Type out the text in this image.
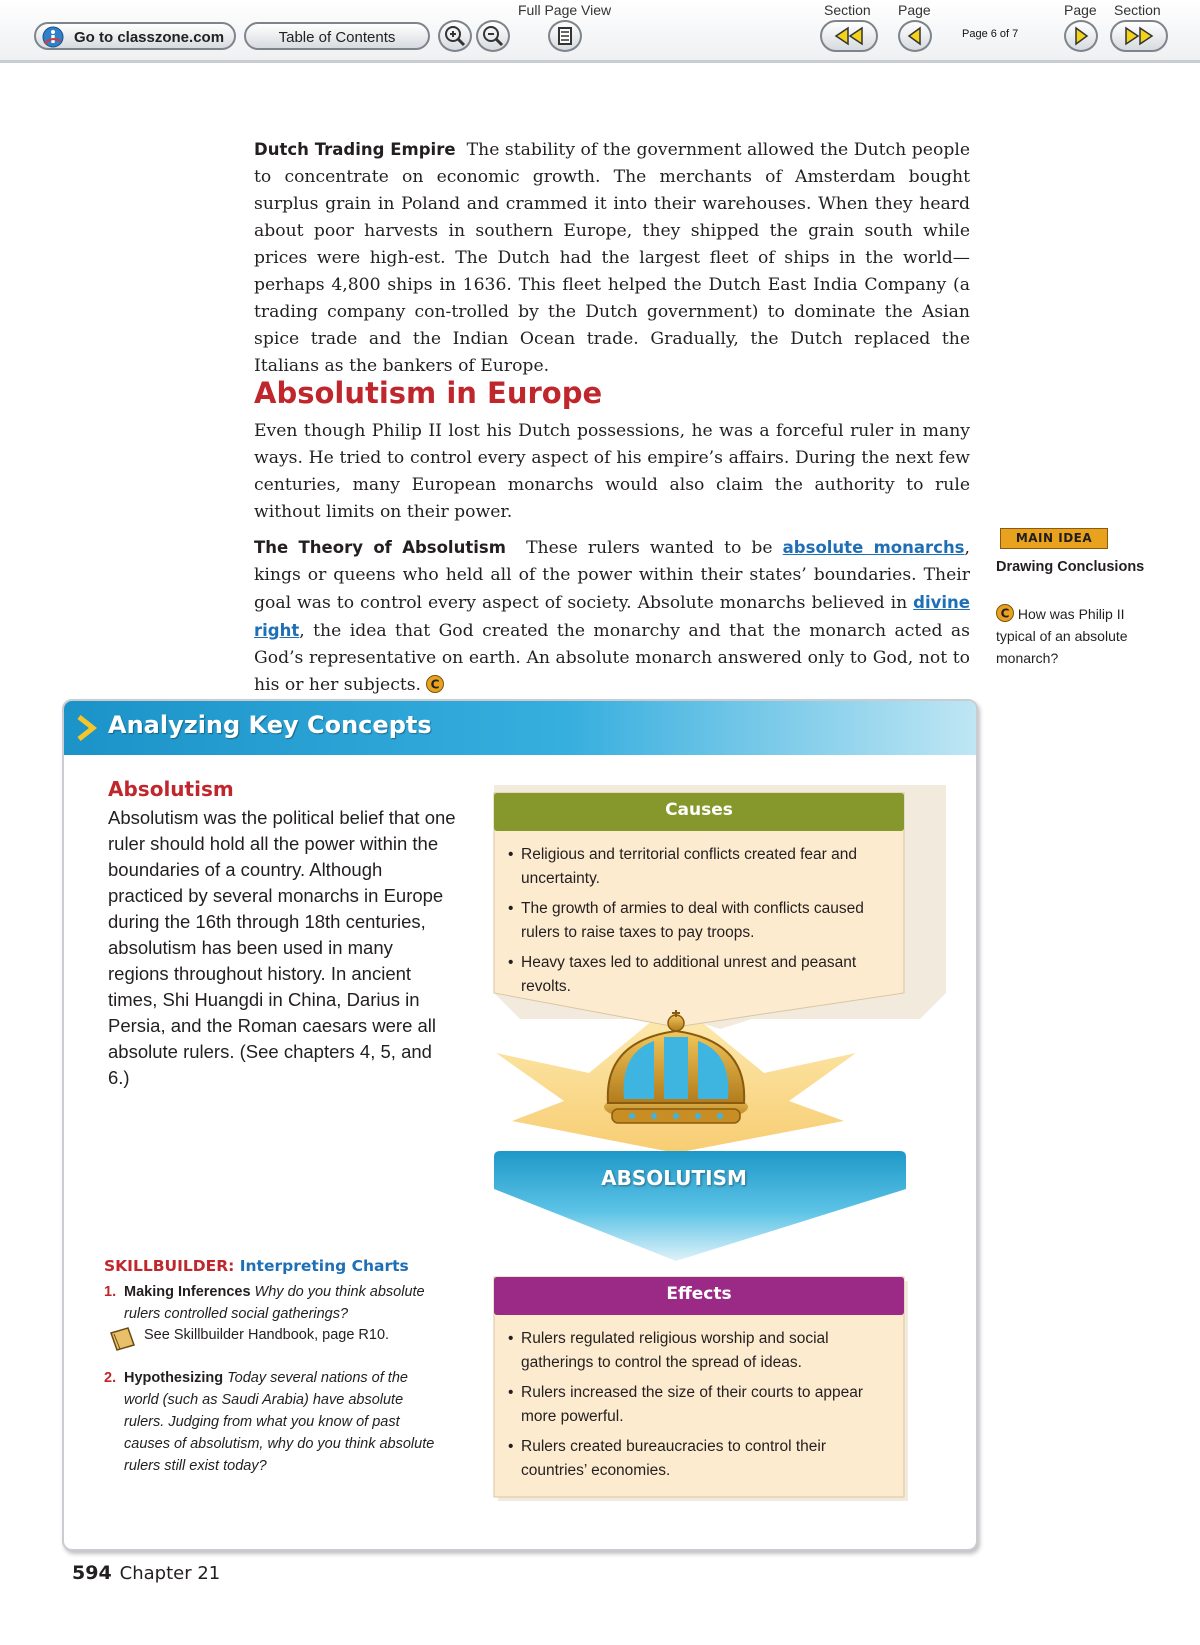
Go to classzone.com	Table of Contents
Full Page View	Section Page
Page 6 of 7
Page Section

Dutch Trading Empire The stability of the government allowed the Dutch people to concentrate on economic growth. The merchants of Amsterdam bought surplus grain in Poland and crammed it into their warehouses. When they heard about poor harvests in southern Europe, they shipped the grain south while prices were high-est. The Dutch had the largest fleet of ships in the world—perhaps 4,800 ships in 1636. This fleet helped the Dutch East India Company (a trading company con-trolled by the Dutch government) to dominate the Asian spice trade and the Indian Ocean trade. Gradually, the Dutch replaced the Italians as the bankers of Europe.

Absolutism in Europe

Even though Philip II lost his Dutch possessions, he was a forceful ruler in many ways. He tried to control every aspect of his empire’s affairs. During the next few centuries, many European monarchs would also claim the authority to rule without limits on their power.

The Theory of Absolutism These rulers wanted to be absolute monarchs, kings or queens who held all of the power within their states’ boundaries. Their goal was to control every aspect of society. Absolute monarchs believed in divine right, the idea that God created the monarchy and that the monarch acted as God’s representative on earth. An absolute monarch answered only to God, not to his or her subjects. C

MAIN IDEA

Drawing Conclusions

C How was Philip II typical of an absolute monarch?

Analyzing Key Concepts
Absolutism

Absolutism was the political belief that one ruler should hold all the power within the boundaries of a country. Although practiced by several monarchs in Europe during the 16th through 18th centuries, absolutism has been used in many regions throughout history. In ancient times, Shi Huangdi in China, Darius in Persia, and the Roman caesars were all absolute rulers. (See chapters 4, 5, and 6.)

Causes
• Religious and territorial conflicts created fear and uncertainty.
• The growth of armies to deal with conflicts caused rulers to raise taxes to pay troops.
• Heavy taxes led to additional unrest and peasant revolts.
ABSOLUTISM
Effects
• Rulers regulated religious worship and social gatherings to control the spread of ideas.
• Rulers increased the size of their courts to appear more powerful.
• Rulers created bureaucracies to control their countries’ economies.

SKILLBUILDER: Interpreting Charts

1. Making Inferences Why do you think absolute rulers controlled social gatherings?
See Skillbuilder Handbook, page R10.
2. Hypothesizing Today several nations of the world (such as Saudi Arabia) have absolute rulers. Judging from what you know of past causes of absolutism, why do you think absolute rulers still exist today?
594 Chapter 21
